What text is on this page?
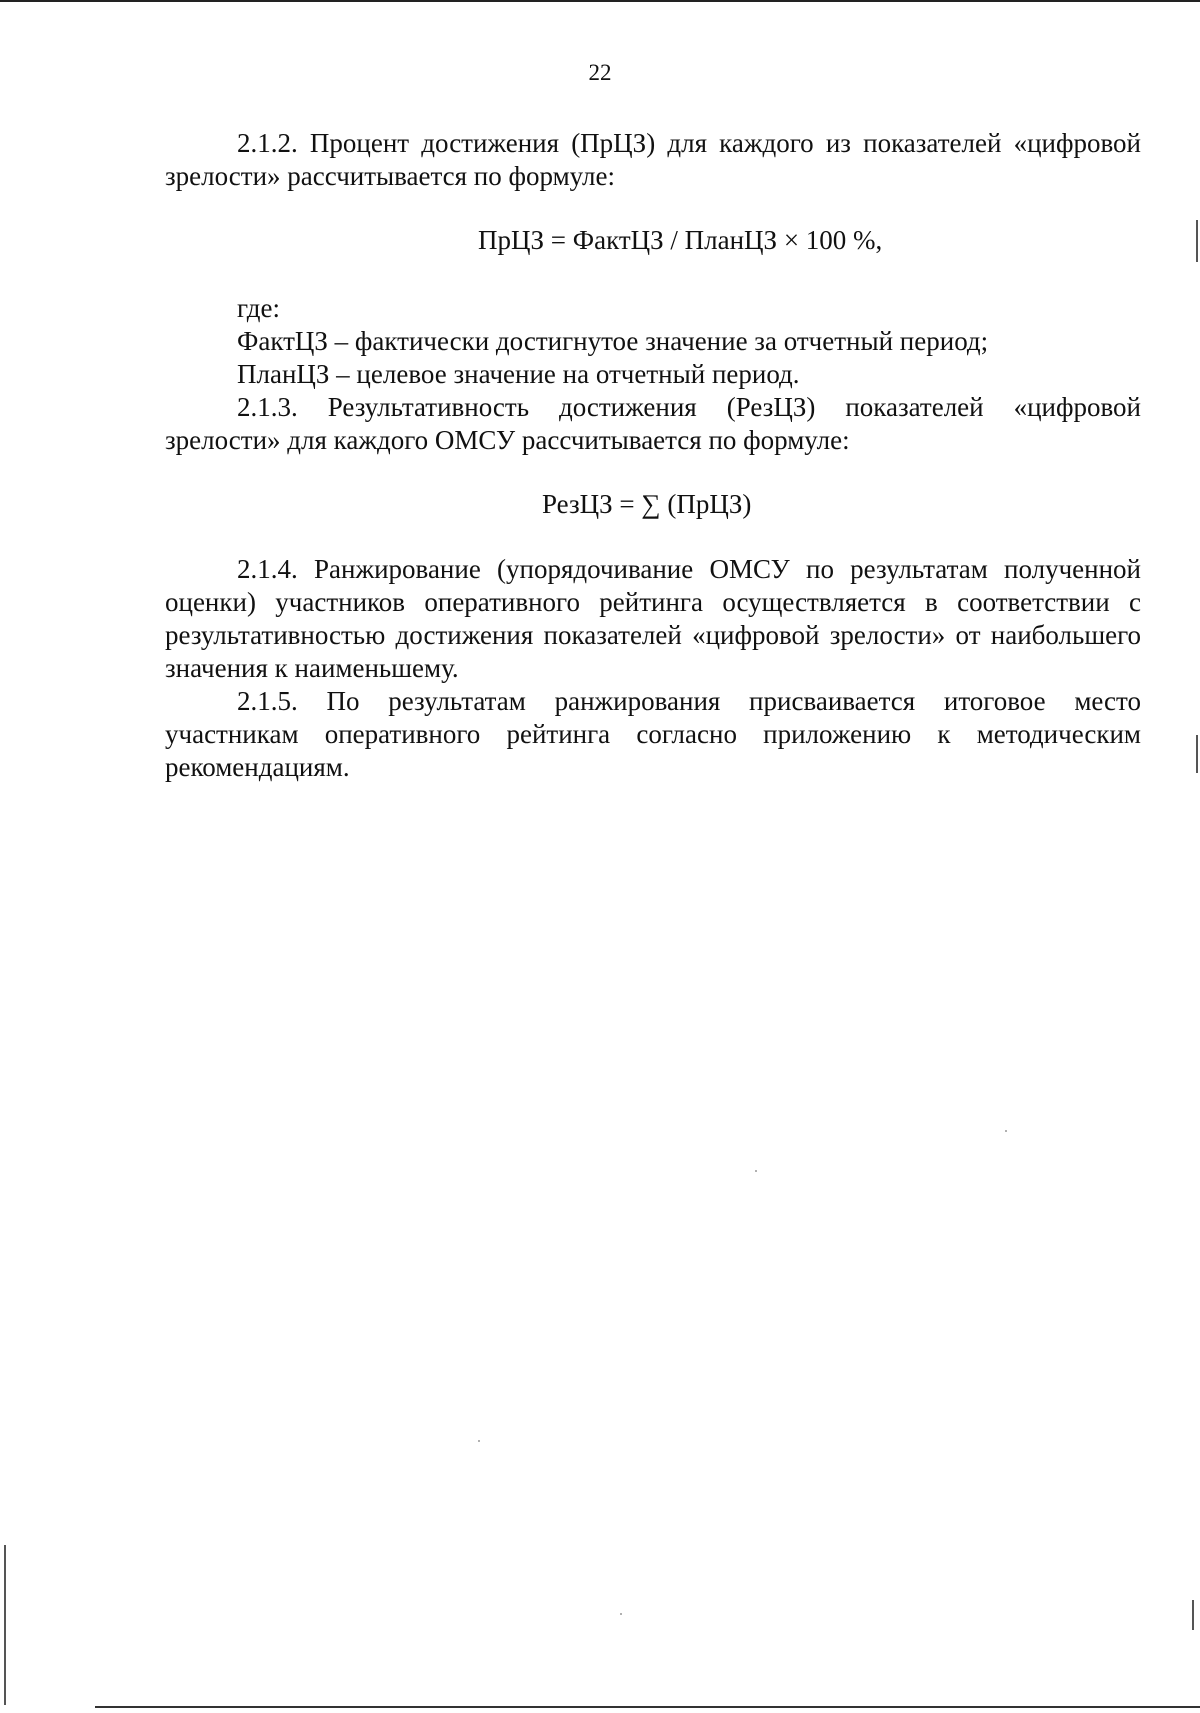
22

2.1.2. Процент достижения (ПрЦЗ) для каждого из показателей «цифровой зрелости» рассчитывается по формуле:

ПрЦЗ = ФактЦЗ / ПланЦЗ × 100 %,

где:

ФактЦЗ – фактически достигнутое значение за отчетный период;

ПланЦЗ – целевое значение на отчетный период.

2.1.3. Результативность достижения (РезЦЗ) показателей «цифровой зрелости» для каждого ОМСУ рассчитывается по формуле:

РезЦЗ = ∑ (ПрЦЗ)

2.1.4. Ранжирование (упорядочивание ОМСУ по результатам полученной оценки) участников оперативного рейтинга осуществляется в соответствии с результативностью достижения показателей «цифровой зрелости» от наибольшего значения к наименьшему.

2.1.5. По результатам ранжирования присваивается итоговое место участникам оперативного рейтинга согласно приложению к методическим рекомендациям.
